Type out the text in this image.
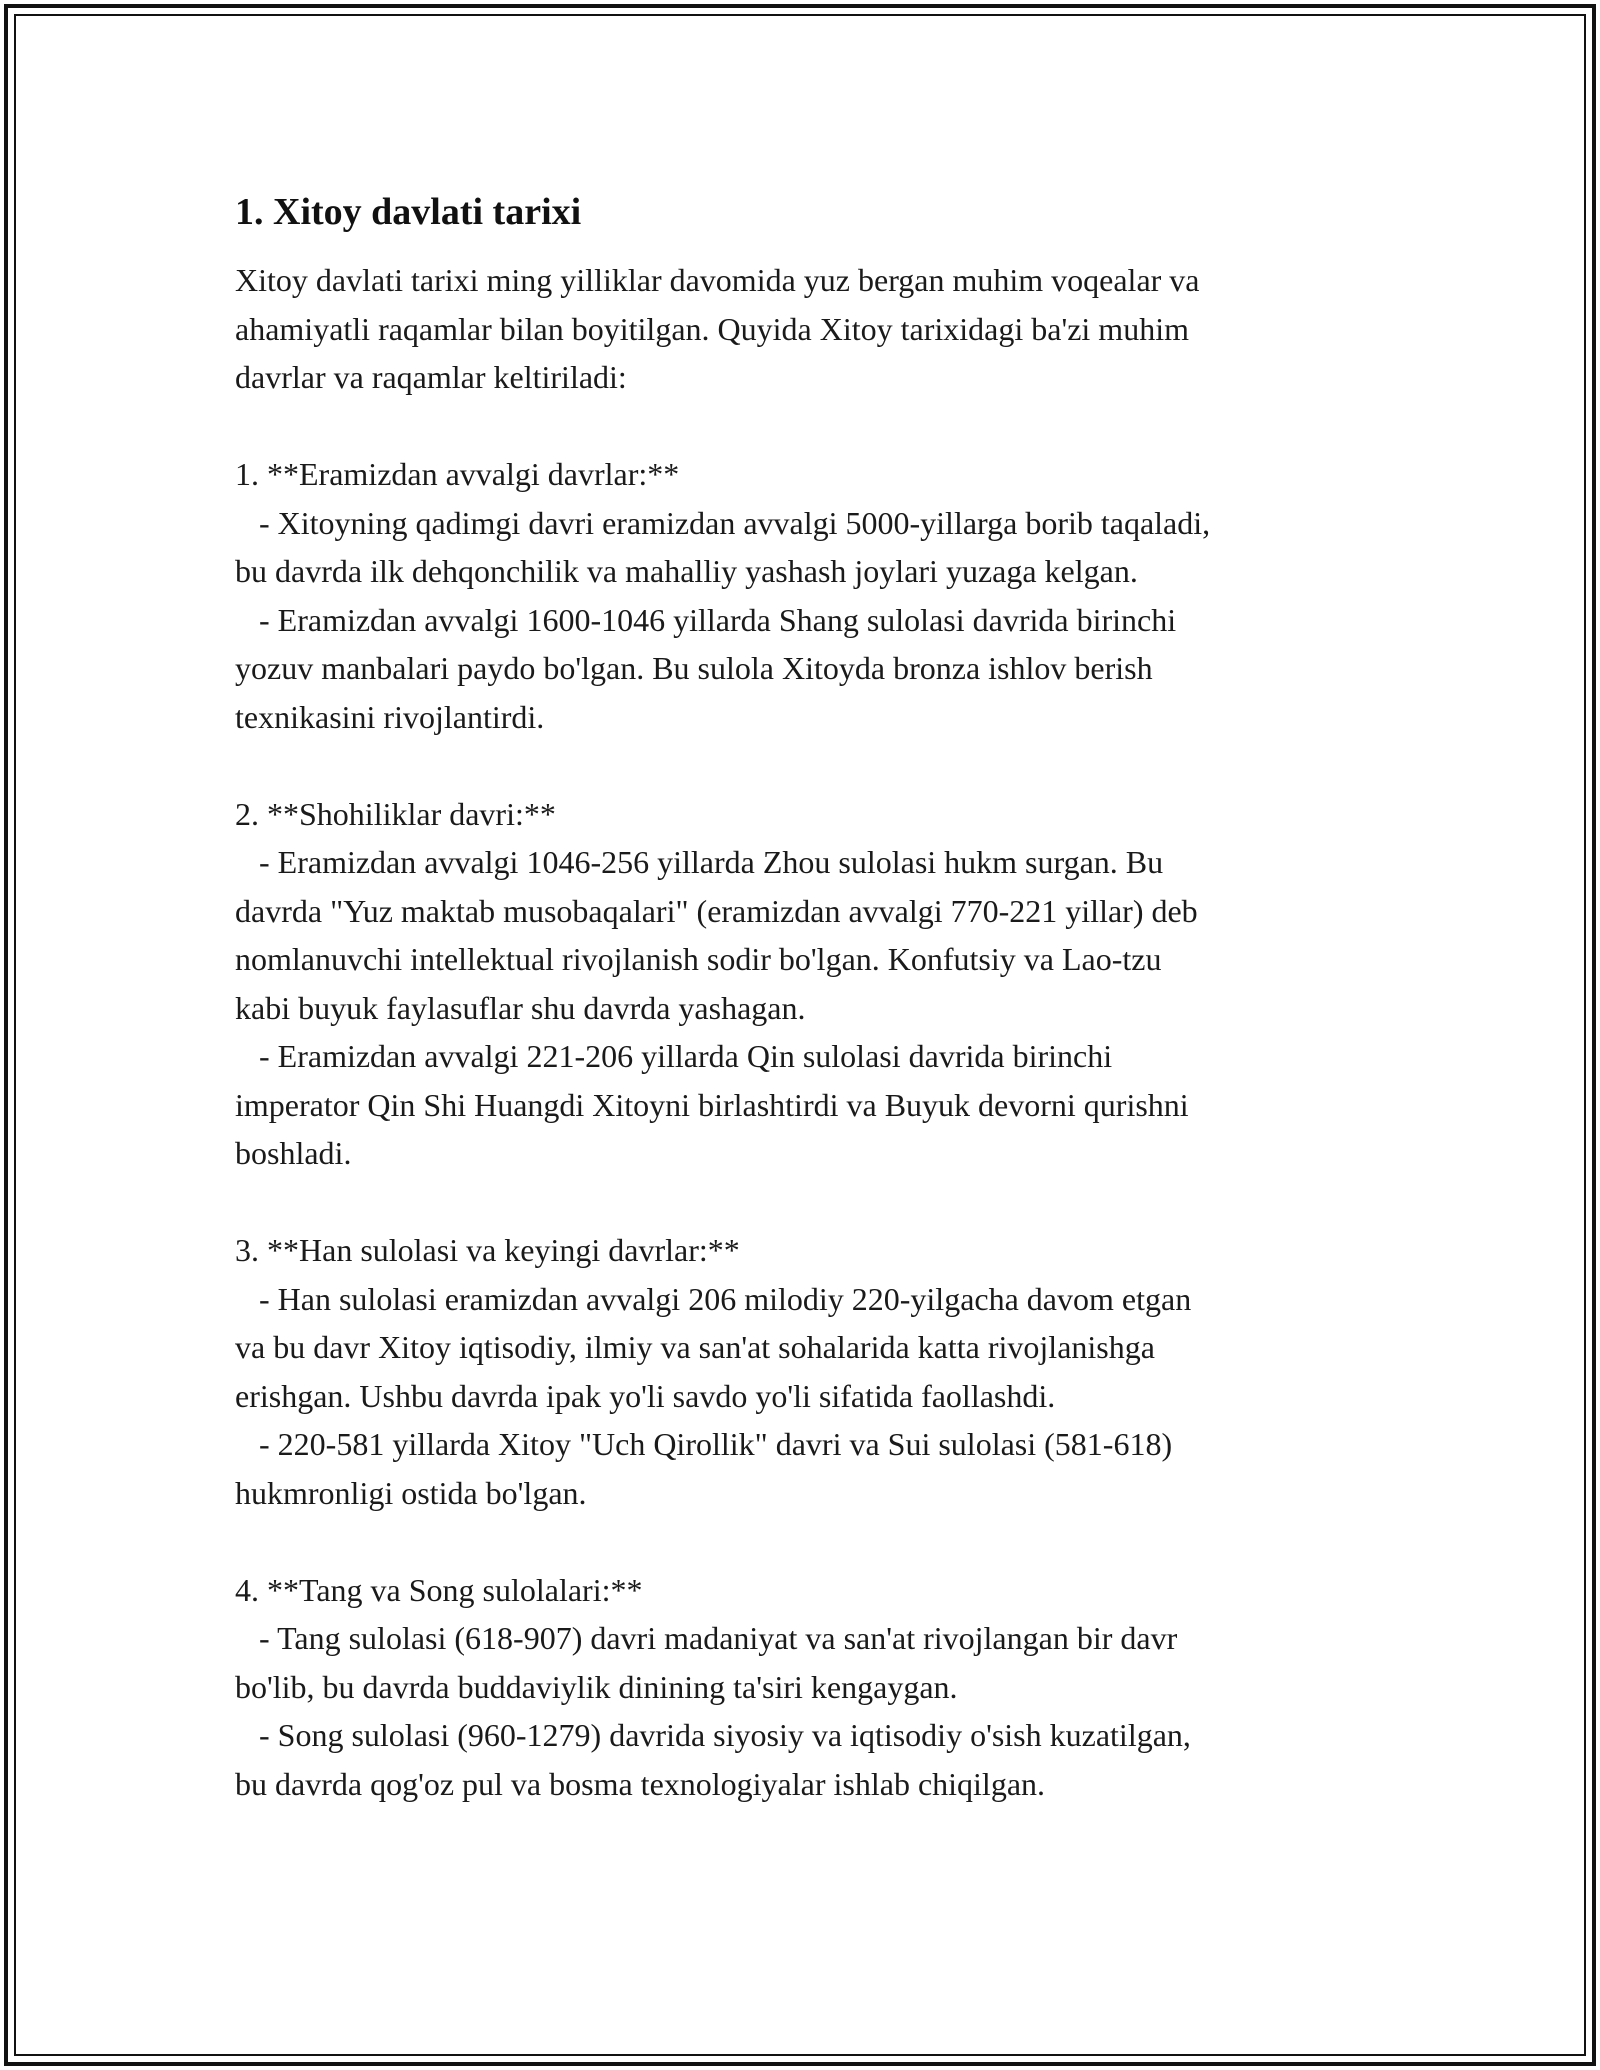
1. Xitoy davlati tarixi

Xitoy davlati tarixi ming yilliklar davomida yuz bergan muhim voqealar va
ahamiyatli raqamlar bilan boyitilgan. Quyida Xitoy tarixidagi ba'zi muhim
davrlar va raqamlar keltiriladi:

1. **Eramizdan avvalgi davrlar:**
- Xitoyning qadimgi davri eramizdan avvalgi 5000-yillarga borib taqaladi,
bu davrda ilk dehqonchilik va mahalliy yashash joylari yuzaga kelgan.
- Eramizdan avvalgi 1600-1046 yillarda Shang sulolasi davrida birinchi
yozuv manbalari paydo bo'lgan. Bu sulola Xitoyda bronza ishlov berish
texnikasini rivojlantirdi.

2. **Shohiliklar davri:**
- Eramizdan avvalgi 1046-256 yillarda Zhou sulolasi hukm surgan. Bu
davrda "Yuz maktab musobaqalari" (eramizdan avvalgi 770-221 yillar) deb
nomlanuvchi intellektual rivojlanish sodir bo'lgan. Konfutsiy va Lao-tzu
kabi buyuk faylasuflar shu davrda yashagan.
- Eramizdan avvalgi 221-206 yillarda Qin sulolasi davrida birinchi
imperator Qin Shi Huangdi Xitoyni birlashtirdi va Buyuk devorni qurishni
boshladi.

3. **Han sulolasi va keyingi davrlar:**
- Han sulolasi eramizdan avvalgi 206 milodiy 220-yilgacha davom etgan
va bu davr Xitoy iqtisodiy, ilmiy va san'at sohalarida katta rivojlanishga
erishgan. Ushbu davrda ipak yo'li savdo yo'li sifatida faollashdi.
- 220-581 yillarda Xitoy "Uch Qirollik" davri va Sui sulolasi (581-618)
hukmronligi ostida bo'lgan.

4. **Tang va Song sulolalari:**
- Tang sulolasi (618-907) davri madaniyat va san'at rivojlangan bir davr
bo'lib, bu davrda buddaviylik dinining ta'siri kengaygan.
- Song sulolasi (960-1279) davrida siyosiy va iqtisodiy o'sish kuzatilgan,
bu davrda qog'oz pul va bosma texnologiyalar ishlab chiqilgan.
